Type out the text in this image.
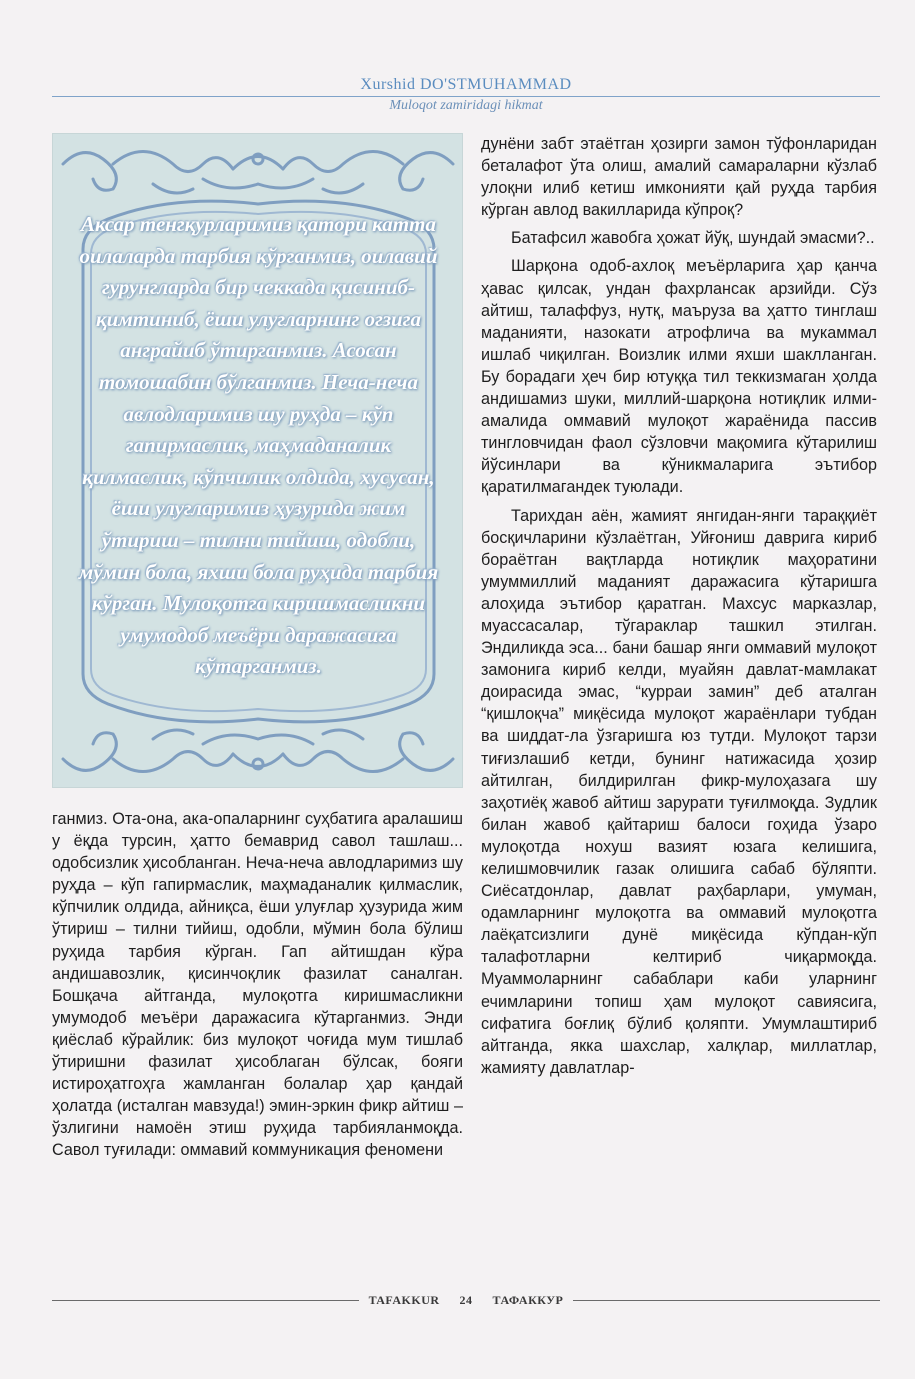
Xurshid DO'STMUHAMMAD
Muloqot zamiridagi hikmat
Аксар тенгқурларимиз қатори катта оилаларда тарбия кўрганмиз, оилавий гурунгларда бир чеккада қисиниб-қимтиниб, ёши улугларнинг огзига анграйиб ўтирганмиз. Асосан томошабин бўлганмиз. Неча-неча авлодларимиз шу руҳда – кўп гапирмаслик, маҳмаданалик қилмаслик, кўпчилик олдида, хусусан, ёши улугларимиз ҳузурида жим ўтириш – тилни тийиш, одобли, мўмин бола, яхши бола руҳида тарбия кўрган. Мулоқотга киришмасликни умумодоб меъёри даражасига кўтарганмиз.

ганмиз. Ота-она, ака-опаларнинг суҳбатига аралашиш у ёқда турсин, ҳатто бемаврид савол ташлаш... одобсизлик ҳисобланган. Неча-неча авлодларимиз шу руҳда – кўп гапирмаслик, маҳмаданалик қилмаслик, кўпчилик олдида, айниқса, ёши улуғлар ҳузурида жим ўтириш – тилни тийиш, одобли, мўмин бола бўлиш руҳида тарбия кўрган. Гап айтишдан кўра андишавозлик, қисинчоқлик фазилат саналган. Бошқача айтганда, мулоқотга киришмасликни умумодоб меъёри даражасига кўтарганмиз. Энди қиёслаб кўрайлик: биз мулоқот чоғида мум тишлаб ўтиришни фазилат ҳисоблаган бўлсак, бояги истироҳатгоҳга жамланган болалар ҳар қандай ҳолатда (исталган мавзуда!) эмин-эркин фикр айтиш – ўзлигини намоён этиш руҳида тарбияланмоқда. Савол туғилади: оммавий коммуникация феномени

дунёни забт этаётган ҳозирги замон тўфонларидан беталафот ўта олиш, амалий самараларни кўзлаб улоқни илиб кетиш имконияти қай руҳда тарбия кўрган авлод вакилларида кўпроқ?

Батафсил жавобга ҳожат йўқ, шундай эмасми?..

Шарқона одоб-ахлоқ меъёрларига ҳар қанча ҳавас қилсак, ундан фахрлансак арзийди. Сўз айтиш, талаффуз, нутқ, маърузa ва ҳатто тинглаш маданияти, назокати атрофлича ва мукаммал ишлаб чиқилган. Воизлик илми яхши шаклланган. Бу борадаги ҳеч бир ютуққа тил теккизмаган ҳолда андишамиз шуки, миллий-шарқона нотиқлик илми-амалида оммавий мулоқот жараёнида пассив тингловчидан фаол сўзловчи мақомига кўтарилиш йўсинлари ва кўникмаларига эътибор қаратилмагандек туюлади.

Тарихдан аён, жамият янгидан-янги тараққиёт босқичларини кўзлаётган, Уйғониш даврига кириб бораётган вақтларда нотиқлик маҳоратини умуммиллий маданият даражасига кўтаришга алоҳида эътибор қаратган. Махсус марказлар, муассасалар, тўгараклар ташкил этилган. Эндиликда эса... бани башар янги оммавий мулоқот замонига кириб келди, муайян давлат-мамлакат доирасида эмас, “курраи замин” деб аталган “қишлоқча” миқёсида мулоқот жараёнлари тубдан ва шиддат-ла ўзгаришга юз тутди. Мулоқот тарзи тиғизлашиб кетди, бунинг натижасида ҳозир айтилган, билдирилган фикр-мулоҳазага шу заҳотиёқ жавоб айтиш зарурати туғилмоқда. Зудлик билан жавоб қайтариш балоси гоҳида ўзаро мулоқотда ноxуш вазият юзага келишига, келишмовчилик газак олишига сабаб бўляпти. Сиёсатдонлар, давлат раҳбарлари, умуман, одамларнинг мулоқотга ва оммавий мулоқотга лаёқатсизлиги дунё миқёсида кўпдан-кўп талафотларни келтириб чиқармоқда. Муаммоларнинг сабаблари каби уларнинг ечимларини топиш ҳам мулоқот савиясига, сифатига боғлиқ бўлиб қоляпти. Умумлаштириб айтганда, якка шахслар, халқлар, миллатлар, жамияту давлатлар-

TAFAKKUR	24	ТАФАККУР
